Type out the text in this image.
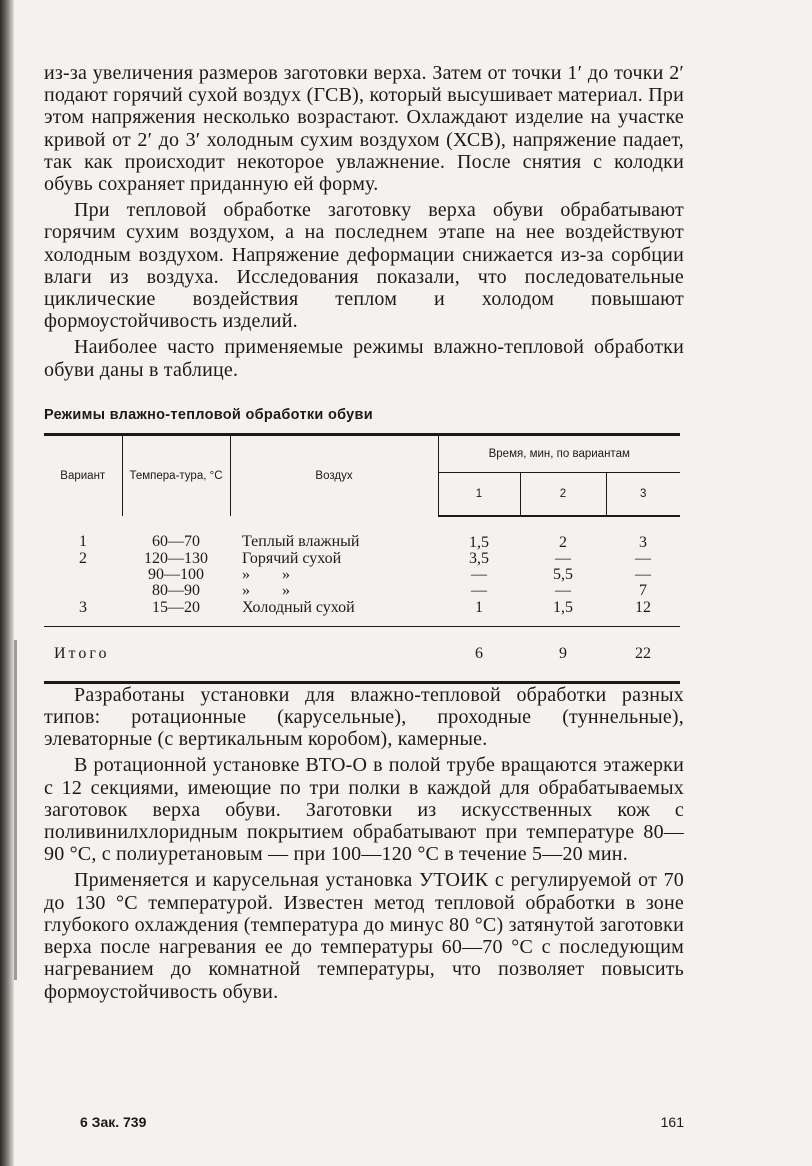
из-за увеличения размеров заготовки верха. Затем от точки 1′ до точки 2′ подают горячий сухой воздух (ГСВ), который высушивает материал. При этом напряжения несколько возрастают. Охлаждают изделие на участке кривой от 2′ до 3′ холодным сухим воздухом (ХСВ), напряжение падает, так как происходит некоторое увлажнение. После снятия с колодки обувь сохраняет приданную ей форму.

При тепловой обработке заготовку верха обуви обрабатывают горячим сухим воздухом, а на последнем этапе на нее воздействуют холодным воздухом. Напряжение деформации снижается из-за сорбции влаги из воздуха. Исследования показали, что последовательные циклические воздействия теплом и холодом повышают формоустойчивость изделий.

Наиболее часто применяемые режимы влажно-тепловой обработки обуви даны в таблице.

Режимы влажно-тепловой обработки обуви
Вариант	Темпера-тура, °С	Воздух	Время, мин, по вариантам		
			1	2	3
1	60—70	Теплый влажный	1,5	2	3
2	120—130	Горячий сухой	3,5	—	—
	90—100	»        »	—	5,5	—
	80—90	»        »	—	—	7
3	15—20	Холодный сухой	1	1,5	12
Итого			6	9	22

Разработаны установки для влажно-тепловой обработки разных типов: ротационные (карусельные), проходные (туннельные), элеваторные (с вертикальным коробом), камерные.

В ротационной установке ВТО-О в полой трубе вращаются этажерки с 12 секциями, имеющие по три полки в каждой для обрабатываемых заготовок верха обуви. Заготовки из искусственных кож с поливинилхлоридным покрытием обрабатывают при температуре 80—90 °С, с полиуретановым — при 100—120 °С в течение 5—20 мин.

Применяется и карусельная установка УТОИК с регулируемой от 70 до 130 °С температурой. Известен метод тепловой обработки в зоне глубокого охлаждения (температура до минус 80 °С) затянутой заготовки верха после нагревания ее до температуры 60—70 °С с последующим нагреванием до комнатной температуры, что позволяет повысить формоустойчивость обуви.

6 Зак. 739	161
